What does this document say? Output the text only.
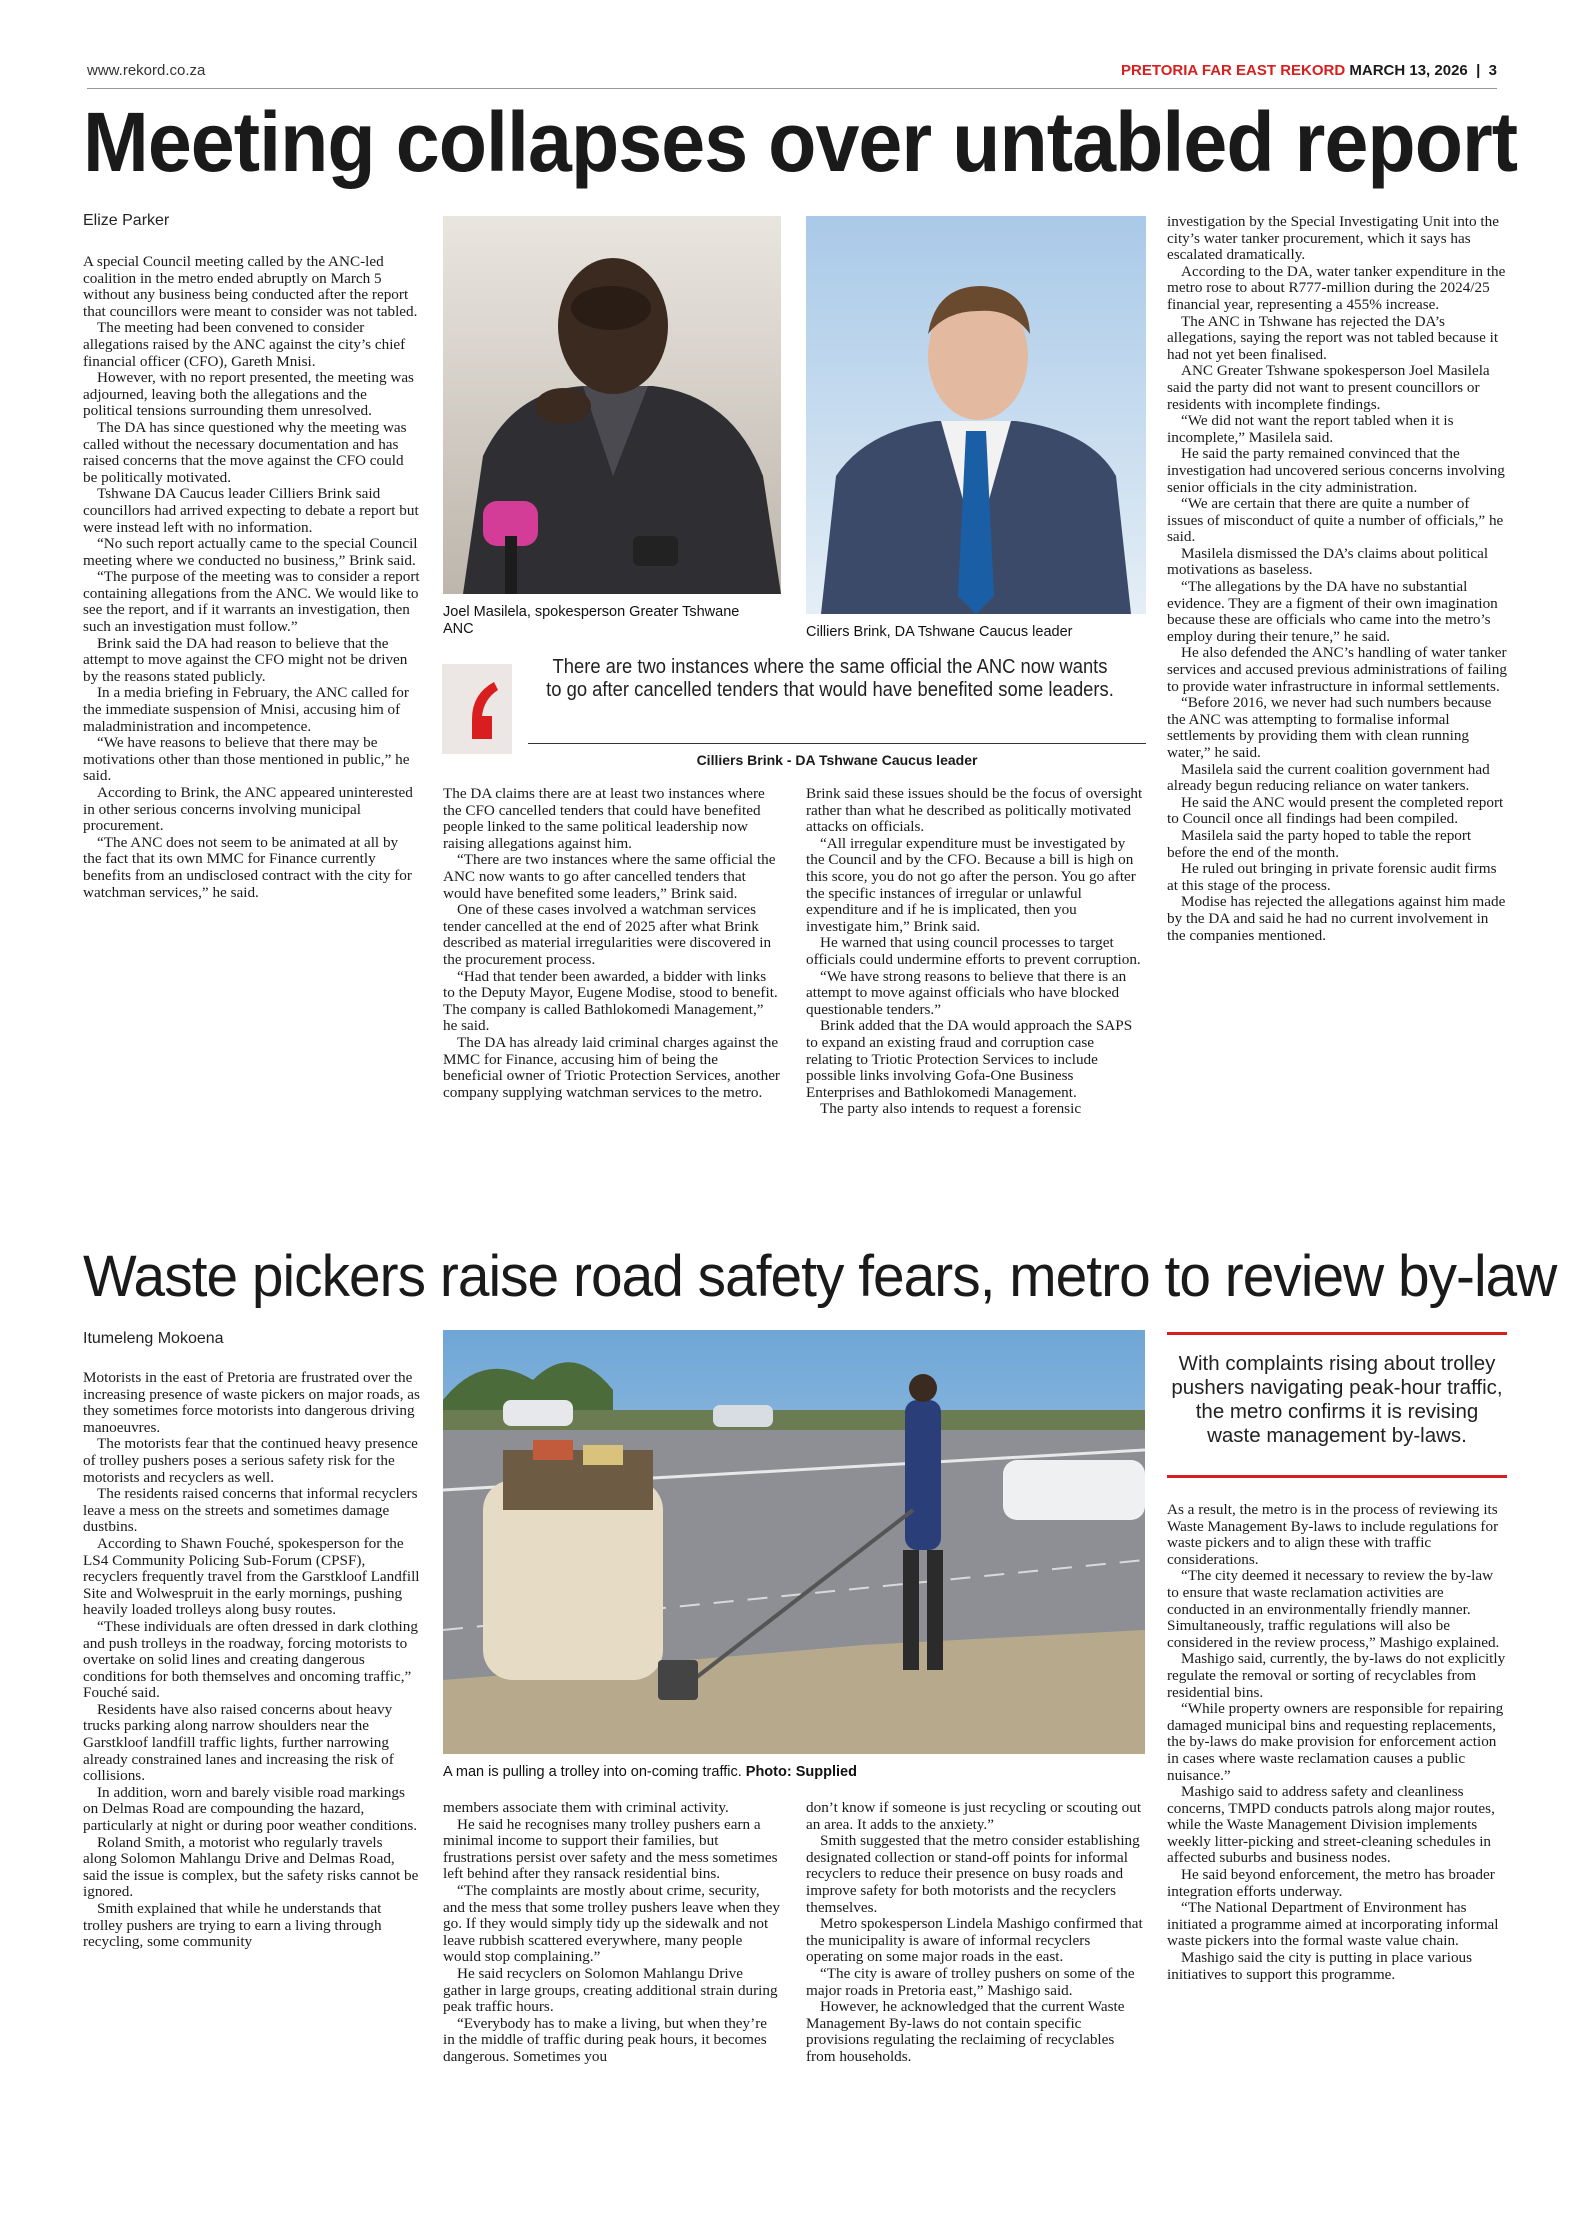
www.rekord.co.za	PRETORIA FAR EAST REKORD MARCH 13, 2026 | 3
Meeting collapses over untabled report
Elize Parker

A special Council meeting called by the ANC-led coalition in the metro ended abruptly on March 5 without any business being conducted after the report that councillors were meant to consider was not tabled.

The meeting had been convened to consider allegations raised by the ANC against the city’s chief financial officer (CFO), Gareth Mnisi.

However, with no report presented, the meeting was adjourned, leaving both the allegations and the political tensions surrounding them unresolved.

The DA has since questioned why the meeting was called without the necessary documentation and has raised concerns that the move against the CFO could be politically motivated.

Tshwane DA Caucus leader Cilliers Brink said councillors had arrived expecting to debate a report but were instead left with no information.

“No such report actually came to the special Council meeting where we conducted no business,” Brink said.

“The purpose of the meeting was to consider a report containing allegations from the ANC. We would like to see the report, and if it warrants an investigation, then such an investigation must follow.”

Brink said the DA had reason to believe that the attempt to move against the CFO might not be driven by the reasons stated publicly.

In a media briefing in February, the ANC called for the immediate suspension of Mnisi, accusing him of maladministration and incompetence.

“We have reasons to believe that there may be motivations other than those mentioned in public,” he said.

According to Brink, the ANC appeared uninterested in other serious concerns involving municipal procurement.

“The ANC does not seem to be animated at all by the fact that its own MMC for Finance currently benefits from an undisclosed contract with the city for watchman services,” he said.

Joel Masilela, spokesperson Greater Tshwane ANC	Cilliers Brink, DA Tshwane Caucus leader
There are two instances where the same official the ANC now wants to go after cancelled tenders that would have benefited some leaders.
Cilliers Brink - DA Tshwane Caucus leader

The DA claims there are at least two instances where the CFO cancelled tenders that could have benefited people linked to the same political leadership now raising allegations against him.

“There are two instances where the same official the ANC now wants to go after cancelled tenders that would have benefited some leaders,” Brink said.

One of these cases involved a watchman services tender cancelled at the end of 2025 after what Brink described as material irregularities were discovered in the procurement process.

“Had that tender been awarded, a bidder with links to the Deputy Mayor, Eugene Modise, stood to benefit. The company is called Bathlokomedi Management,” he said.

The DA has already laid criminal charges against the MMC for Finance, accusing him of being the beneficial owner of Triotic Protection Services, another company supplying watchman services to the metro.

Brink said these issues should be the focus of oversight rather than what he described as politically motivated attacks on officials.

“All irregular expenditure must be investigated by the Council and by the CFO. Because a bill is high on this score, you do not go after the person. You go after the specific instances of irregular or unlawful expenditure and if he is implicated, then you investigate him,” Brink said.

He warned that using council processes to target officials could undermine efforts to prevent corruption.

“We have strong reasons to believe that there is an attempt to move against officials who have blocked questionable tenders.”

Brink added that the DA would approach the SAPS to expand an existing fraud and corruption case relating to Triotic Protection Services to include possible links involving Gofa-One Business Enterprises and Bathlokomedi Management.

The party also intends to request a forensic

investigation by the Special Investigating Unit into the city’s water tanker procurement, which it says has escalated dramatically.

According to the DA, water tanker expenditure in the metro rose to about R777-million during the 2024/25 financial year, representing a 455% increase.

The ANC in Tshwane has rejected the DA’s allegations, saying the report was not tabled because it had not yet been finalised.

ANC Greater Tshwane spokesperson Joel Masilela said the party did not want to present councillors or residents with incomplete findings.

“We did not want the report tabled when it is incomplete,” Masilela said.

He said the party remained convinced that the investigation had uncovered serious concerns involving senior officials in the city administration.

“We are certain that there are quite a number of issues of misconduct of quite a number of officials,” he said.

Masilela dismissed the DA’s claims about political motivations as baseless.

“The allegations by the DA have no substantial evidence. They are a figment of their own imagination because these are officials who came into the metro’s employ during their tenure,” he said.

He also defended the ANC’s handling of water tanker services and accused previous administrations of failing to provide water infrastructure in informal settlements.

“Before 2016, we never had such numbers because the ANC was attempting to formalise informal settlements by providing them with clean running water,” he said.

Masilela said the current coalition government had already begun reducing reliance on water tankers.

He said the ANC would present the completed report to Council once all findings had been compiled.

Masilela said the party hoped to table the report before the end of the month.

He ruled out bringing in private forensic audit firms at this stage of the process.

Modise has rejected the allegations against him made by the DA and said he had no current involvement in the companies mentioned.

Waste pickers raise road safety fears, metro to review by-law
Itumeleng Mokoena

Motorists in the east of Pretoria are frustrated over the increasing presence of waste pickers on major roads, as they sometimes force motorists into dangerous driving manoeuvres.

The motorists fear that the continued heavy presence of trolley pushers poses a serious safety risk for the motorists and recyclers as well.

The residents raised concerns that informal recyclers leave a mess on the streets and sometimes damage dustbins.

According to Shawn Fouché, spokesperson for the LS4 Community Policing Sub-Forum (CPSF), recyclers frequently travel from the Garstkloof Landfill Site and Wolwespruit in the early mornings, pushing heavily loaded trolleys along busy routes.

“These individuals are often dressed in dark clothing and push trolleys in the roadway, forcing motorists to overtake on solid lines and creating dangerous conditions for both themselves and oncoming traffic,” Fouché said.

Residents have also raised concerns about heavy trucks parking along narrow shoulders near the Garstkloof landfill traffic lights, further narrowing already constrained lanes and increasing the risk of collisions.

In addition, worn and barely visible road markings on Delmas Road are compounding the hazard, particularly at night or during poor weather conditions.

Roland Smith, a motorist who regularly travels along Solomon Mahlangu Drive and Delmas Road, said the issue is complex, but the safety risks cannot be ignored.

Smith explained that while he understands that trolley pushers are trying to earn a living through recycling, some community

A man is pulling a trolley into on-coming traffic. Photo: Supplied

members associate them with criminal activity.

He said he recognises many trolley pushers earn a minimal income to support their families, but frustrations persist over safety and the mess sometimes left behind after they ransack residential bins.

“The complaints are mostly about crime, security, and the mess that some trolley pushers leave when they go. If they would simply tidy up the sidewalk and not leave rubbish scattered everywhere, many people would stop complaining.”

He said recyclers on Solomon Mahlangu Drive gather in large groups, creating additional strain during peak traffic hours.

“Everybody has to make a living, but when they’re in the middle of traffic during peak hours, it becomes dangerous. Sometimes you

don’t know if someone is just recycling or scouting out an area. It adds to the anxiety.”

Smith suggested that the metro consider establishing designated collection or stand-off points for informal recyclers to reduce their presence on busy roads and improve safety for both motorists and the recyclers themselves.

Metro spokesperson Lindela Mashigo confirmed that the municipality is aware of informal recyclers operating on some major roads in the east.

“The city is aware of trolley pushers on some of the major roads in Pretoria east,” Mashigo said.

However, he acknowledged that the current Waste Management By-laws do not contain specific provisions regulating the reclaiming of recyclables from households.

With complaints rising about trolley pushers navigating peak-hour traffic, the metro confirms it is revising waste management by-laws.

As a result, the metro is in the process of reviewing its Waste Management By-laws to include regulations for waste pickers and to align these with traffic considerations.

“The city deemed it necessary to review the by-law to ensure that waste reclamation activities are conducted in an environmentally friendly manner. Simultaneously, traffic regulations will also be considered in the review process,” Mashigo explained.

Mashigo said, currently, the by-laws do not explicitly regulate the removal or sorting of recyclables from residential bins.

“While property owners are responsible for repairing damaged municipal bins and requesting replacements, the by-laws do make provision for enforcement action in cases where waste reclamation causes a public nuisance.”

Mashigo said to address safety and cleanliness concerns, TMPD conducts patrols along major routes, while the Waste Management Division implements weekly litter-picking and street-cleaning schedules in affected suburbs and business nodes.

He said beyond enforcement, the metro has broader integration efforts underway.

“The National Department of Environment has initiated a programme aimed at incorporating informal waste pickers into the formal waste value chain.

Mashigo said the city is putting in place various initiatives to support this programme.
